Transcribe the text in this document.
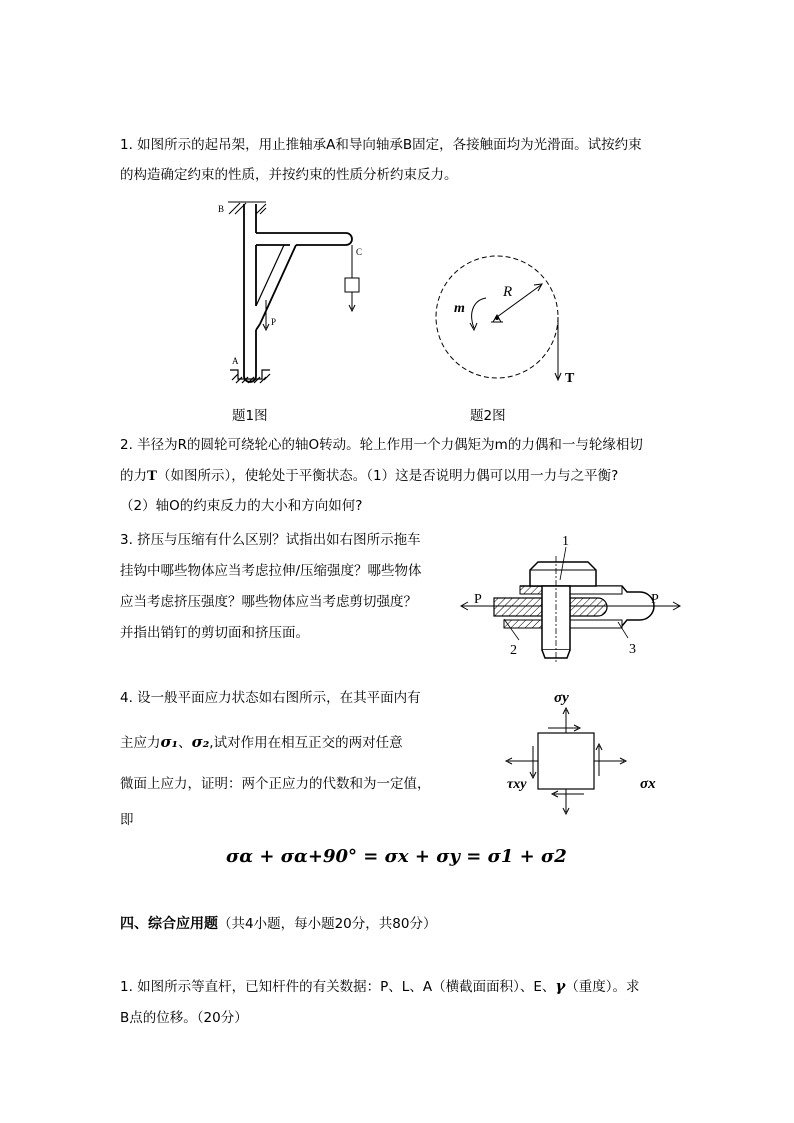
1. 如图所示的起吊架，用止推轴承A和导向轴承B固定，各接触面均为光滑面。试按约束

的构造确定约束的性质，并按约束的性质分析约束反力。

B
C
P
A
题1图
R
m
T
题2图

2. 半径为R的圆轮可绕轮心的轴O转动。轮上作用一个力偶矩为m的力偶和一与轮缘相切

的力T（如图所示），使轮处于平衡状态。（1）这是否说明力偶可以用一力与之平衡?

（2）轴O的约束反力的大小和方向如何?

3. 挤压与压缩有什么区别？试指出如右图所示拖车

挂钩中哪些物体应当考虑拉伸/压缩强度？哪些物体

应当考虑挤压强度？哪些物体应当考虑剪切强度？

并指出销钉的剪切面和挤压面。

1
2	3
P	P

4. 设一般平面应力状态如右图所示，在其平面内有

主应力σ₁、σ₂,试对作用在相互正交的两对任意

微面上应力，证明：两个正应力的代数和为一定值，

即

σα + σα+90° = σx + σy = σ1 + σ2

σy
τxy	σx

四、综合应用题（共4小题，每小题20分，共80分）

1. 如图所示等直杆，已知杆件的有关数据：P、L、A（横截面面积）、E、γ（重度）。求

B点的位移。（20分）
